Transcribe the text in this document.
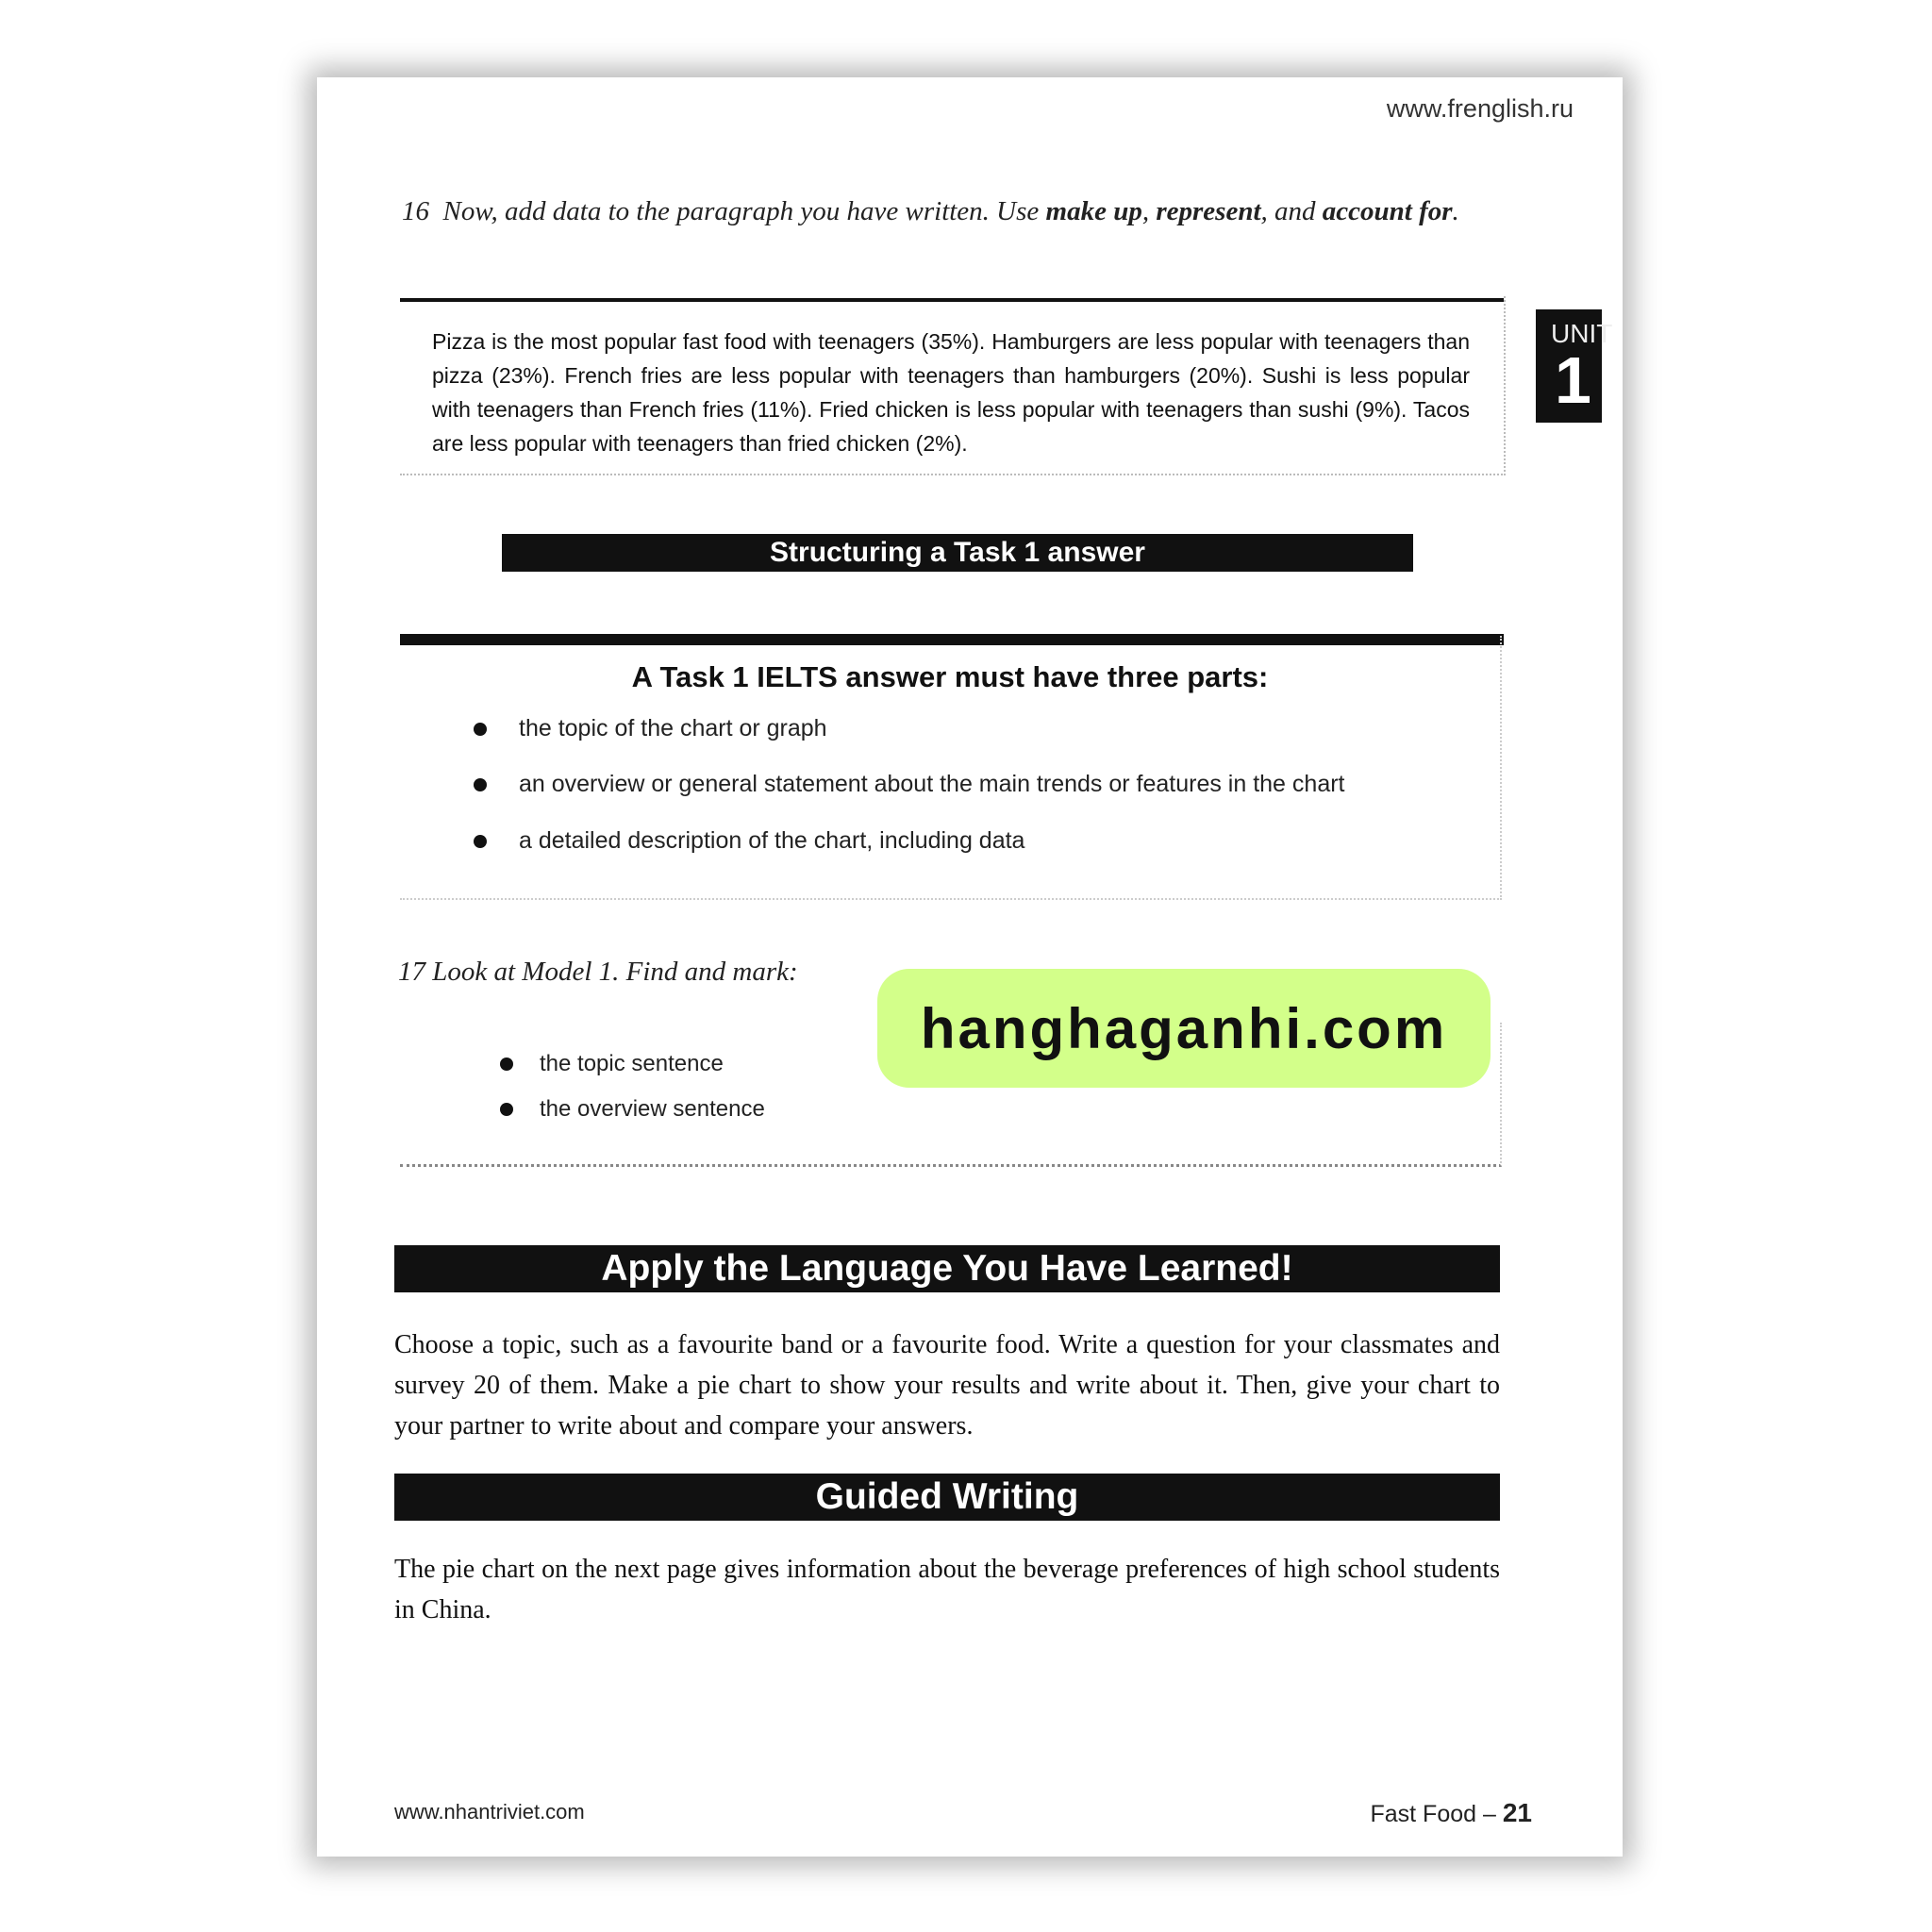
www.frenglish.ru
16 Now, add data to the paragraph you have written. Use make up, represent, and account for.
Pizza is the most popular fast food with teenagers (35%). Hamburgers are less popular with teenagers than pizza (23%). French fries are less popular with teenagers than hamburgers (20%). Sushi is less popular with teenagers than French fries (11%). Fried chicken is less popular with teenagers than sushi (9%). Tacos are less popular with teenagers than fried chicken (2%).
UNIT
1
Structuring a Task 1 answer
A Task 1 IELTS answer must have three parts:
the topic of the chart or graph
an overview or general statement about the main trends or features in the chart
a detailed description of the chart, including data
17 Look at Model 1. Find and mark:
the topic sentence
the overview sentence
hanghaganhi.com
Apply the Language You Have Learned!
Choose a topic, such as a favourite band or a favourite food. Write a question for your classmates and survey 20 of them. Make a pie chart to show your results and write about it. Then, give your chart to your partner to write about and compare your answers.
Guided Writing
The pie chart on the next page gives information about the beverage preferences of high school students in China.
www.nhantriviet.com	Fast Food – 21
